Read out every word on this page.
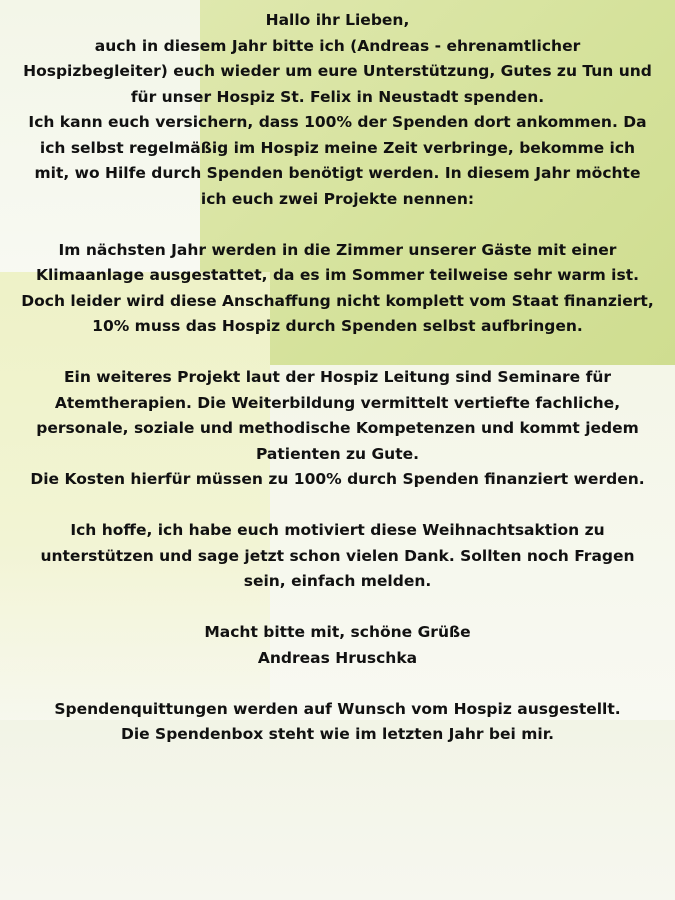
Hallo ihr Lieben,

auch in diesem Jahr bitte ich (Andreas - ehrenamtlicher Hospizbegleiter) euch wieder um eure Unterstützung, Gutes zu Tun und für unser Hospiz St. Felix in Neustadt spenden.

Ich kann euch versichern, dass 100% der Spenden dort ankommen. Da ich selbst regelmäßig im Hospiz meine Zeit verbringe, bekomme ich mit, wo Hilfe durch Spenden benötigt werden. In diesem Jahr möchte ich euch zwei Projekte nennen:

Im nächsten Jahr werden in die Zimmer unserer Gäste mit einer Klimaanlage ausgestattet, da es im Sommer teilweise sehr warm ist. Doch leider wird diese Anschaffung nicht komplett vom Staat finanziert, 10% muss das Hospiz durch Spenden selbst aufbringen.

Ein weiteres Projekt laut der Hospiz Leitung sind Seminare für Atemtherapien. Die Weiterbildung vermittelt vertiefte fachliche, personale, soziale und methodische Kompetenzen und kommt jedem Patienten zu Gute.

Die Kosten hierfür müssen zu 100% durch Spenden finanziert werden.

Ich hoffe, ich habe euch motiviert diese Weihnachtsaktion zu unterstützen und sage jetzt schon vielen Dank. Sollten noch Fragen sein, einfach melden.

Macht bitte mit, schöne Grüße

Andreas Hruschka

Spendenquittungen werden auf Wunsch vom Hospiz ausgestellt.

Die Spendenbox steht wie im letzten Jahr bei mir.
